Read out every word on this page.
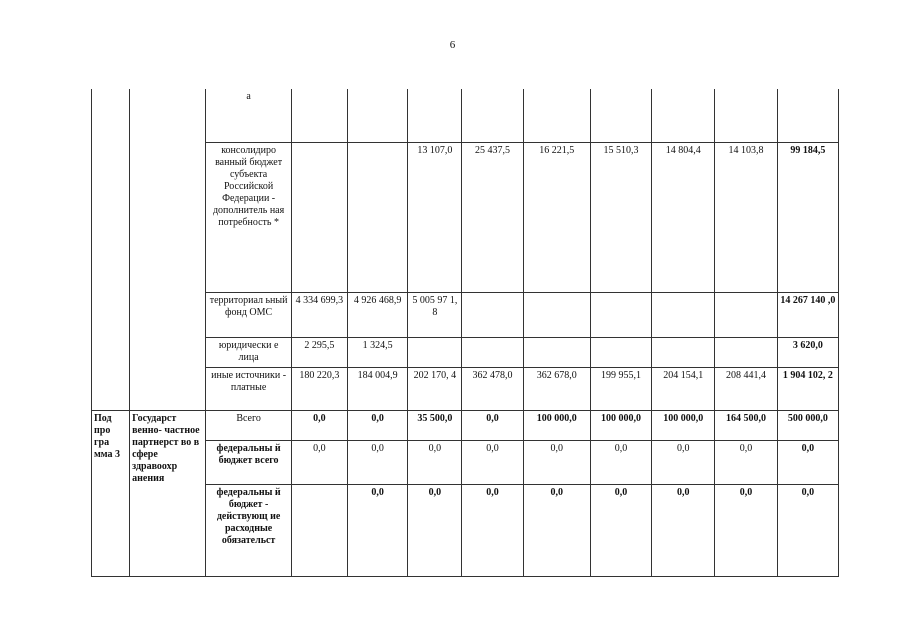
6
		а									
		консолидиро ванный бюджет субъекта Российской Федерации - дополнитель ная потребность *			13 107,0	25 437,5	16 221,5	15 510,3	14 804,4	14 103,8	99 184,5
		территориал ьный фонд ОМС	4 334 699,3	4 926 468,9	5 005 97 1,8						14 267 140 ,0
		юридически е лица	2 295,5	1 324,5							3 620,0
		иные источники - платные	180 220,3	184 004,9	202 170, 4	362 478,0	362 678,0	199 955,1	204 154,1	208 441,4	1 904 102, 2
Под про гра мма 3	Государст венно- частное партнерст во в сфере здравоохр анения	Всего	0,0	0,0	35 500,0	0,0	100 000,0	100 000,0	100 000,0	164 500,0	500 000,0
		федеральны й бюджет всего	0,0	0,0	0,0	0,0	0,0	0,0	0,0	0,0	0,0
		федеральны й бюджет - действующ ие расходные обязательст		0,0	0,0	0,0	0,0	0,0	0,0	0,0	0,0
